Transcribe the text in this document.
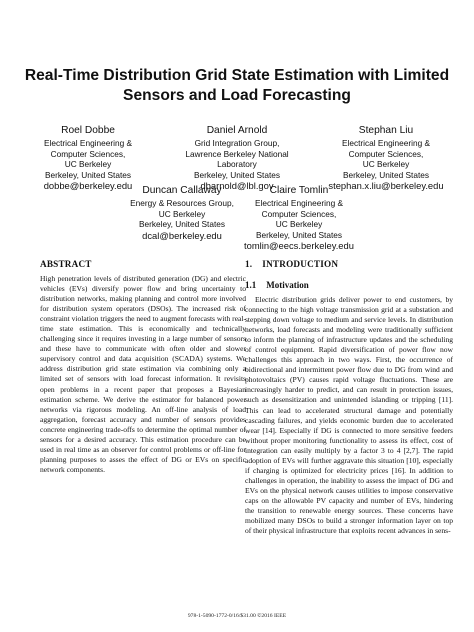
Real-Time Distribution Grid State Estimation with Limited Sensors and Load Forecasting
Roel Dobbe
Electrical Engineering &
Computer Sciences,
UC Berkeley
Berkeley, United States
dobbe@berkeley.edu
Daniel Arnold
Grid Integration Group,
Lawrence Berkeley National
Laboratory
Berkeley, United States
dbarnold@lbl.gov
Stephan Liu
Electrical Engineering &
Computer Sciences,
UC Berkeley
Berkeley, United States
stephan.x.liu@berkeley.edu
Duncan Callaway
Energy & Resources Group,
UC Berkeley
Berkeley, United States
dcal@berkeley.edu
Claire Tomlin
Electrical Engineering &
Computer Sciences,
UC Berkeley
Berkeley, United States
tomlin@eecs.berkeley.edu
ABSTRACT

High penetration levels of distributed generation (DG) and electric vehicles (EVs) diversify power flow and bring uncertainty to distribution networks, making planning and control more involved for distribution system operators (DSOs). The increased risk of constraint violation triggers the need to augment forecasts with real-time state estimation. This is economically and technically challenging since it requires investing in a large number of sensors and these have to communicate with often older and slower supervisory control and data acquisition (SCADA) systems. We address distribution grid state estimation via combining only a limited set of sensors with load forecast information. It revisits open problems in a recent paper that proposes a Bayesian estimation scheme. We derive the estimator for balanced power networks via rigorous modeling. An off-line analysis of load aggregation, forecast accuracy and number of sensors provides concrete engineering trade-offs to determine the optimal number of sensors for a desired accuracy. This estimation procedure can be used in real time as an observer for control problems or off-line for planning purposes to asses the effect of DG or EVs on specific network components.

1. INTRODUCTION
1.1 Motivation

Electric distribution grids deliver power to end customers, by connecting to the high voltage transmission grid at a substation and stepping down voltage to medium and service levels. In distribution networks, load forecasts and modeling were traditionally sufficient to inform the planning of infrastructure updates and the scheduling of control equipment. Rapid diversification of power flow now challenges this approach in two ways. First, the occurrence of bidirectional and intermittent power flow due to DG from wind and photovoltaics (PV) causes rapid voltage fluctuations. These are increasingly harder to predict, and can result in protection issues, such as desensitization and unintended islanding or tripping [11]. This can lead to accelerated structural damage and potentially cascading failures, and yields economic burden due to accelerated wear [14]. Especially if DG is connected to more sensitive feeders without proper monitoring functionality to assess its effect, cost of integration can easily multiply by a factor 3 to 4 [2,7]. The rapid adoption of EVs will further aggravate this situation [10], especially if charging is optimized for electricity prices [16]. In addition to challenges in operation, the inability to assess the impact of DG and EVs on the physical network causes utilities to impose conservative caps on the allowable PV capacity and number of EVs, hindering the transition to renewable energy sources. These concerns have mobilized many DSOs to build a stronger information layer on top of their physical infrastructure that exploits recent advances in sens-

978-1-5090-1772-0/16/$31.00 ©2016 IEEE
